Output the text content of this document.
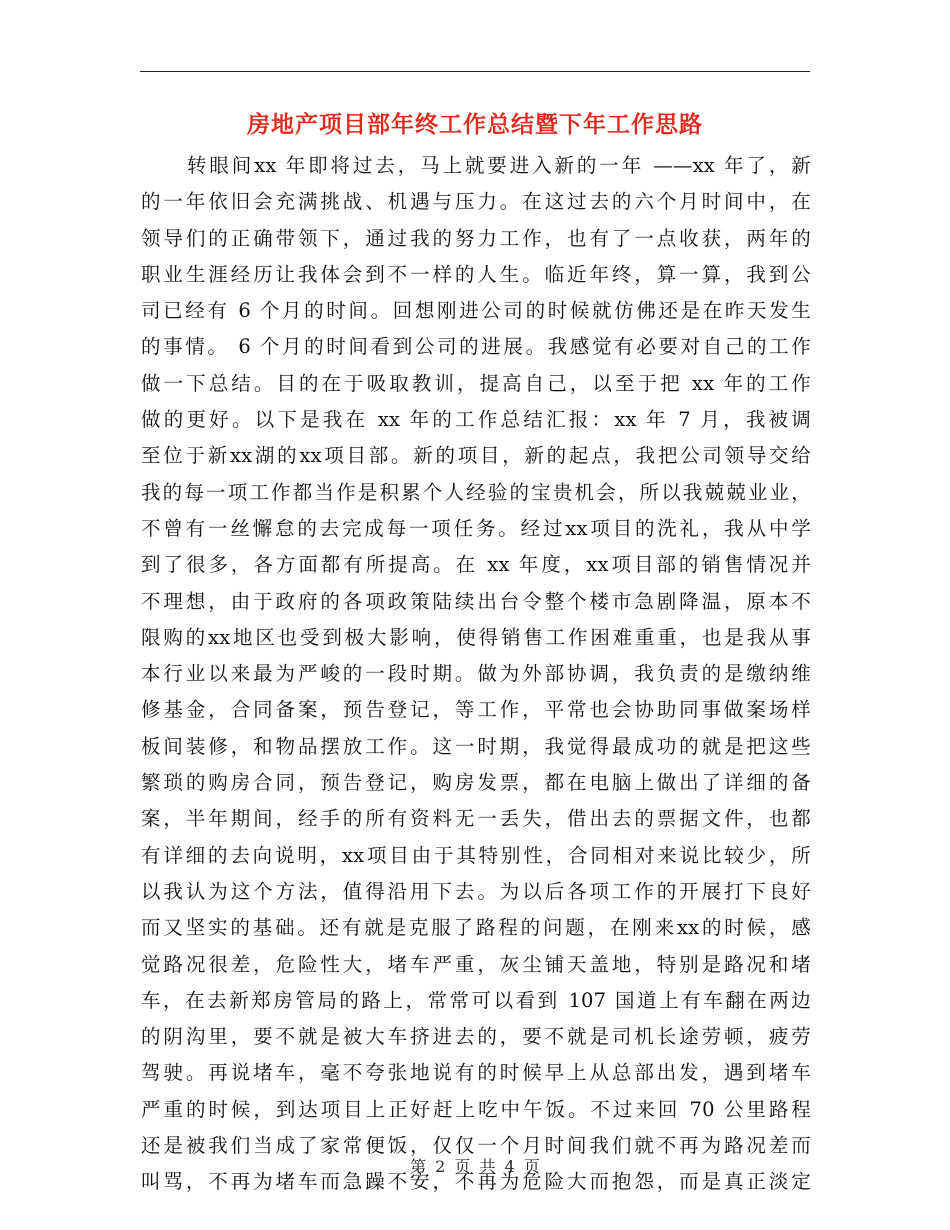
房地产项目部年终工作总结暨下年工作思路
转眼间xx 年即将过去，马上就要进入新的一年 ——xx 年了，新
的一年依旧会充满挑战、机遇与压力。在这过去的六个月时间中，在
领导们的正确带领下，通过我的努力工作，也有了一点收获，两年的
职业生涯经历让我体会到不一样的人生。临近年终，算一算，我到公
司已经有 6 个月的时间。回想刚进公司的时候就仿佛还是在昨天发生
的事情。 6 个月的时间看到公司的进展。我感觉有必要对自己的工作
做一下总结。目的在于吸取教训，提高自己，以至于把 xx 年的工作
做的更好。以下是我在 xx 年的工作总结汇报：xx 年 7 月，我被调
至位于新xx湖的xx项目部。新的项目，新的起点，我把公司领导交给
我的每一项工作都当作是积累个人经验的宝贵机会，所以我兢兢业业，
不曾有一丝懈怠的去完成每一项任务。经过xx项目的洗礼，我从中学
到了很多，各方面都有所提高。在 xx 年度，xx项目部的销售情况并
不理想，由于政府的各项政策陆续出台令整个楼市急剧降温，原本不
限购的xx地区也受到极大影响，使得销售工作困难重重，也是我从事
本行业以来最为严峻的一段时期。做为外部协调，我负责的是缴纳维
修基金，合同备案，预告登记，等工作，平常也会协助同事做案场样
板间装修，和物品摆放工作。这一时期，我觉得最成功的就是把这些
繁琐的购房合同，预告登记，购房发票，都在电脑上做出了详细的备
案，半年期间，经手的所有资料无一丢失，借出去的票据文件，也都
有详细的去向说明，xx项目由于其特别性，合同相对来说比较少，所
以我认为这个方法，值得沿用下去。为以后各项工作的开展打下良好
而又坚实的基础。还有就是克服了路程的问题，在刚来xx的时候，感
觉路况很差，危险性大，堵车严重，灰尘铺天盖地，特别是路况和堵
车，在去新郑房管局的路上，常常可以看到 107 国道上有车翻在两边
的阴沟里，要不就是被大车挤进去的，要不就是司机长途劳顿，疲劳
驾驶。再说堵车，毫不夸张地说有的时候早上从总部出发，遇到堵车
严重的时候，到达项目上正好赶上吃中午饭。不过来回 70 公里路程
还是被我们当成了家常便饭，仅仅一个月时间我们就不再为路况差而
叫骂，不再为堵车而急躁不安，不再为危险大而抱怨，而是真正淡定
第 2 页 共 4 页
